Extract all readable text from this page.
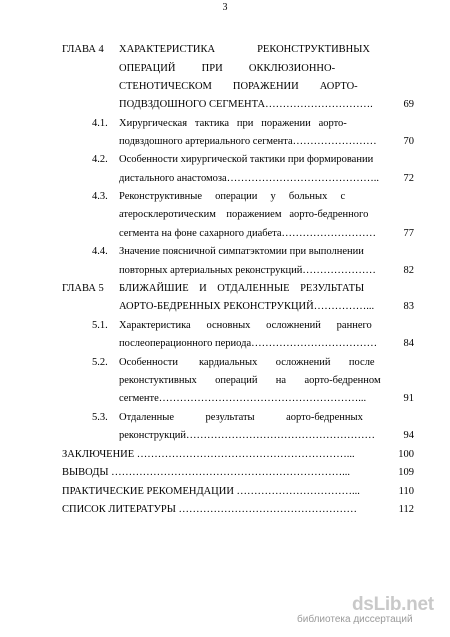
3
ГЛАВА 4 ХАРАКТЕРИСТИКА                РЕКОНСТРУКТИВНЫХ
ОПЕРАЦИЙ          ПРИ          ОККЛЮЗИОННО-
СТЕНОТИЧЕСКОМ        ПОРАЖЕНИИ        АОРТО-
ПОДВЗДОШНОГО СЕГМЕНТА………………………….	69
4.1. Хирургическая   тактика   при   поражении   аорто-
подвздошного артериального сегмента……………………	70
4.2. Особенности хирургической тактики при формировании
дистального анастомоза……………………………………..	72
4.3. Реконструктивные     операции     у     больных     с
атеросклеротическим    поражением   аорто-бедренного
сегмента на фоне сахарного диабета………………………	77
4.4. Значение поясничной симпатэктомии при выполнении
повторных артериальных реконструкций…………………	82
ГЛАВА 5 БЛИЖАЙШИЕ    И    ОТДАЛЕННЫЕ    РЕЗУЛЬТАТЫ
АОРТО-БЕДРЕННЫХ РЕКОНСТРУКЦИЙ……………...	83
5.1. Характеристика      основных      осложнений      раннего
послеоперационного периода………………………………	84
5.2. Особенности        кардиальных       осложнений       после
реконстуктивных       операций       на       аорто-бедренном
сегменте…………………………………………………...	91
5.3. Отдаленные            результаты            аорто-бедренных
реконструкций………………………………………………	94
ЗАКЛЮЧЕНИЕ ……………………………………………………...	100
ВЫВОДЫ …………………………………………………………...	109
ПРАКТИЧЕСКИЕ РЕКОМЕНДАЦИИ ……………………………...	110
СПИСОК ЛИТЕРАТУРЫ ……………………………………………	112
dsLib.net
библиотека диссертаций
